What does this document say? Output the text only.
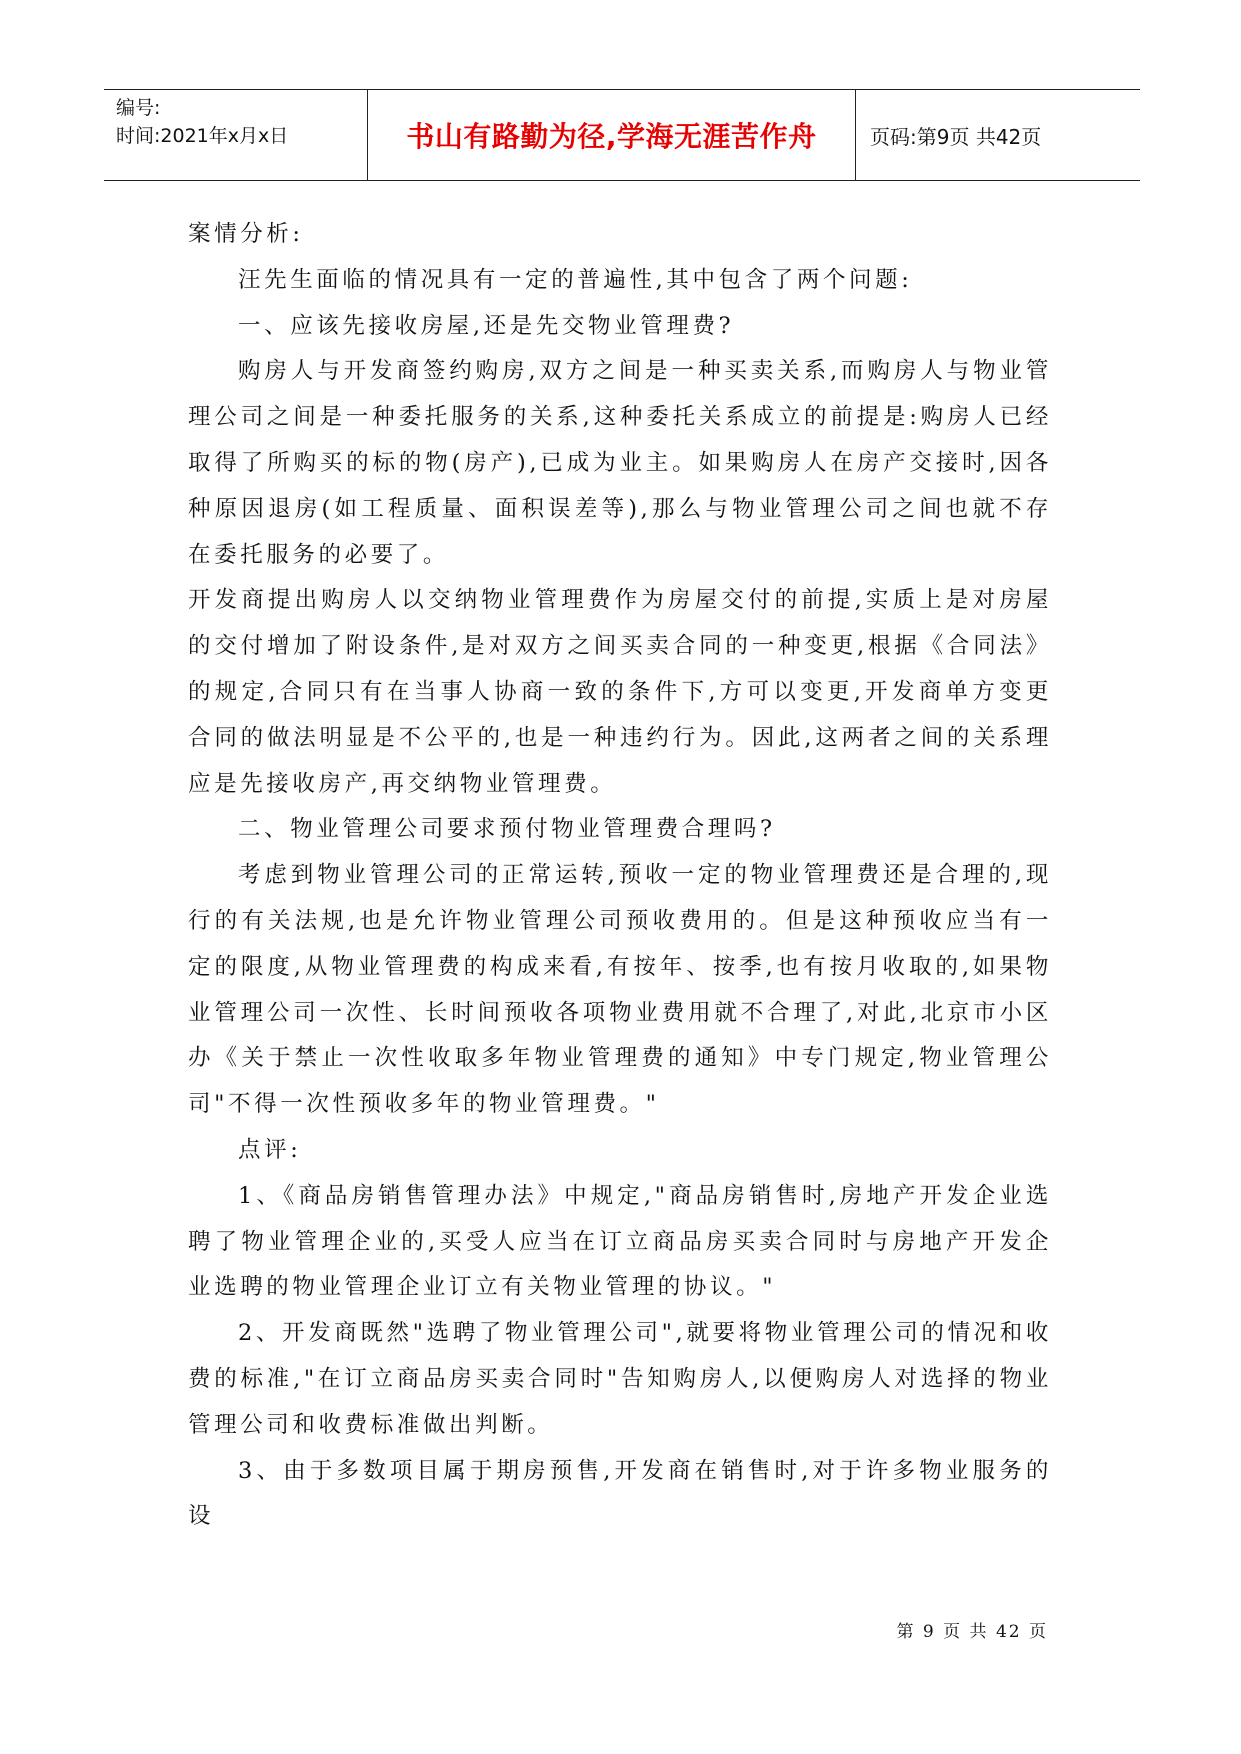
编号:
时间:2021年x月x日	书山有路勤为径,学海无涯苦作舟	页码:第9页 共42页

案情分析:

汪先生面临的情况具有一定的普遍性,其中包含了两个问题:

一、应该先接收房屋,还是先交物业管理费?

购房人与开发商签约购房,双方之间是一种买卖关系,而购房人与物业管理公司之间是一种委托服务的关系,这种委托关系成立的前提是:购房人已经取得了所购买的标的物(房产),已成为业主。如果购房人在房产交接时,因各种原因退房(如工程质量、面积误差等),那么与物业管理公司之间也就不存在委托服务的必要了。

开发商提出购房人以交纳物业管理费作为房屋交付的前提,实质上是对房屋的交付增加了附设条件,是对双方之间买卖合同的一种变更,根据《合同法》的规定,合同只有在当事人协商一致的条件下,方可以变更,开发商单方变更合同的做法明显是不公平的,也是一种违约行为。因此,这两者之间的关系理应是先接收房产,再交纳物业管理费。

二、物业管理公司要求预付物业管理费合理吗?

考虑到物业管理公司的正常运转,预收一定的物业管理费还是合理的,现行的有关法规,也是允许物业管理公司预收费用的。但是这种预收应当有一定的限度,从物业管理费的构成来看,有按年、按季,也有按月收取的,如果物业管理公司一次性、长时间预收各项物业费用就不合理了,对此,北京市小区办《关于禁止一次性收取多年物业管理费的通知》中专门规定,物业管理公司"不得一次性预收多年的物业管理费。"

点评:

1、《商品房销售管理办法》中规定,"商品房销售时,房地产开发企业选聘了物业管理企业的,买受人应当在订立商品房买卖合同时与房地产开发企业选聘的物业管理企业订立有关物业管理的协议。"

2、开发商既然"选聘了物业管理公司",就要将物业管理公司的情况和收费的标准,"在订立商品房买卖合同时"告知购房人,以便购房人对选择的物业管理公司和收费标准做出判断。

3、由于多数项目属于期房预售,开发商在销售时,对于许多物业服务的设

第 9 页 共 42 页
